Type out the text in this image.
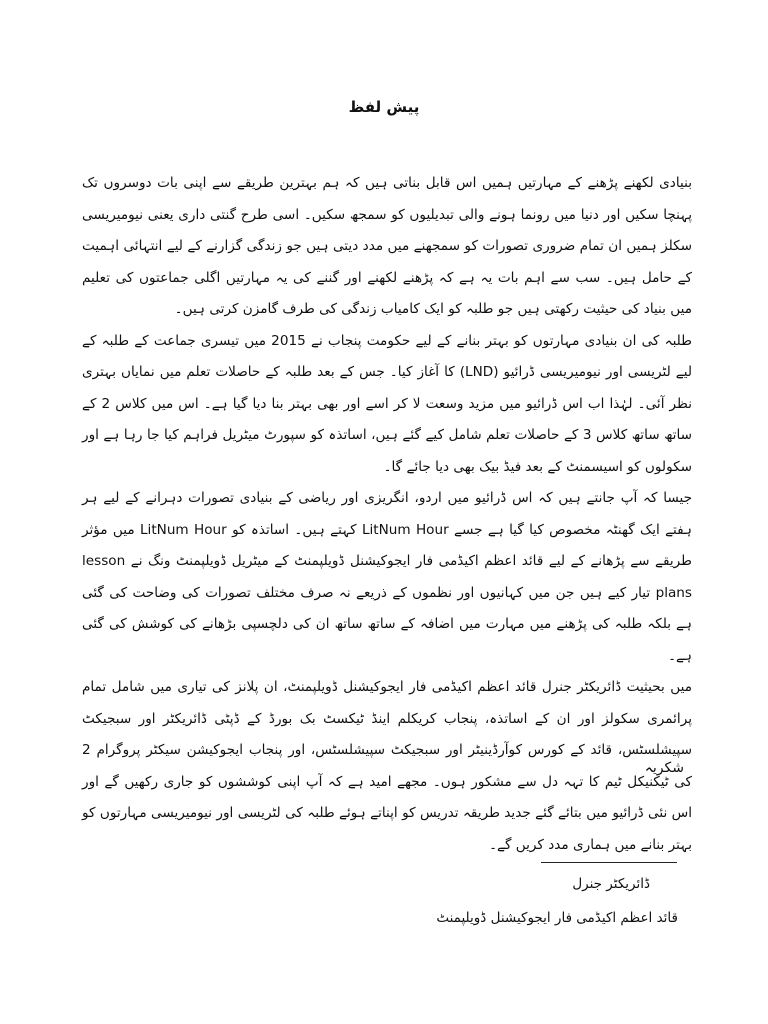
پیش لفظ

بنیادی لکھنے پڑھنے کے مہارتیں ہمیں اس قابل بناتی ہیں کہ ہم بہترین طریقے سے اپنی بات دوسروں تک پہنچا سکیں اور دنیا میں رونما ہونے والی تبدیلیوں کو سمجھ سکیں۔ اسی طرح گنتی داری یعنی نیومیریسی سکلز ہمیں ان تمام ضروری تصورات کو سمجھنے میں مدد دیتی ہیں جو زندگی گزارنے کے لیے انتہائی اہمیت کے حامل ہیں۔ سب سے اہم بات یہ ہے کہ پڑھنے لکھنے اور گننے کی یہ مہارتیں اگلی جماعتوں کی تعلیم میں بنیاد کی حیثیت رکھتی ہیں جو طلبہ کو ایک کامیاب زندگی کی طرف گامزن کرتی ہیں۔

طلبہ کی ان بنیادی مہارتوں کو بہتر بنانے کے لیے حکومت پنجاب نے 2015 میں تیسری جماعت کے طلبہ کے لیے لٹریسی اور نیومیریسی ڈرائیو (LND) کا آغاز کیا۔ جس کے بعد طلبہ کے حاصلات تعلم میں نمایاں بہتری نظر آئی۔ لہٰذا اب اس ڈرائیو میں مزید وسعت لا کر اسے اور بھی بہتر بنا دیا گیا ہے۔ اس میں کلاس 2 کے ساتھ ساتھ کلاس 3 کے حاصلات تعلم شامل کیے گئے ہیں، اساتذہ کو سپورٹ میٹریل فراہم کیا جا رہا ہے اور سکولوں کو اسیسمنٹ کے بعد فیڈ بیک بھی دیا جائے گا۔

جیسا کہ آپ جانتے ہیں کہ اس ڈرائیو میں اردو، انگریزی اور ریاضی کے بنیادی تصورات دہرانے کے لیے ہر ہفتے ایک گھنٹہ مخصوص کیا گیا ہے جسے LitNum Hour کہتے ہیں۔ اساتذہ کو LitNum Hour میں مؤثر طریقے سے پڑھانے کے لیے قائد اعظم اکیڈمی فار ایجوکیشنل ڈویلپمنٹ کے میٹریل ڈویلپمنٹ ونگ نے lesson plans تیار کیے ہیں جن میں کہانیوں اور نظموں کے ذریعے نہ صرف مختلف تصورات کی وضاحت کی گئی ہے بلکہ طلبہ کی پڑھنے میں مہارت میں اضافہ کے ساتھ ساتھ ان کی دلچسپی بڑھانے کی کوشش کی گئی ہے۔

میں بحیثیت ڈائریکٹر جنرل قائد اعظم اکیڈمی فار ایجوکیشنل ڈویلپمنٹ، ان پلانز کی تیاری میں شامل تمام پرائمری سکولز اور ان کے اساتذہ، پنجاب کریکلم اینڈ ٹیکسٹ بک بورڈ کے ڈپٹی ڈائریکٹر اور سبجیکٹ سپیشلسٹس، قائد کے کورس کوآرڈینیٹر اور سبجیکٹ سپیشلسٹس، اور پنجاب ایجوکیشن سیکٹر پروگرام 2 کی ٹیکنیکل ٹیم کا تہہ دل سے مشکور ہوں۔ مجھے امید ہے کہ آپ اپنی کوششوں کو جاری رکھیں گے اور اس نئی ڈرائیو میں بتائے گئے جدید طریقہ تدریس کو اپناتے ہوئے طلبہ کی لٹریسی اور نیومیریسی مہارتوں کو بہتر بنانے میں ہماری مدد کریں گے۔

شکریہ
ڈائریکٹر جنرل
قائد اعظم اکیڈمی فار ایجوکیشنل ڈویلپمنٹ
